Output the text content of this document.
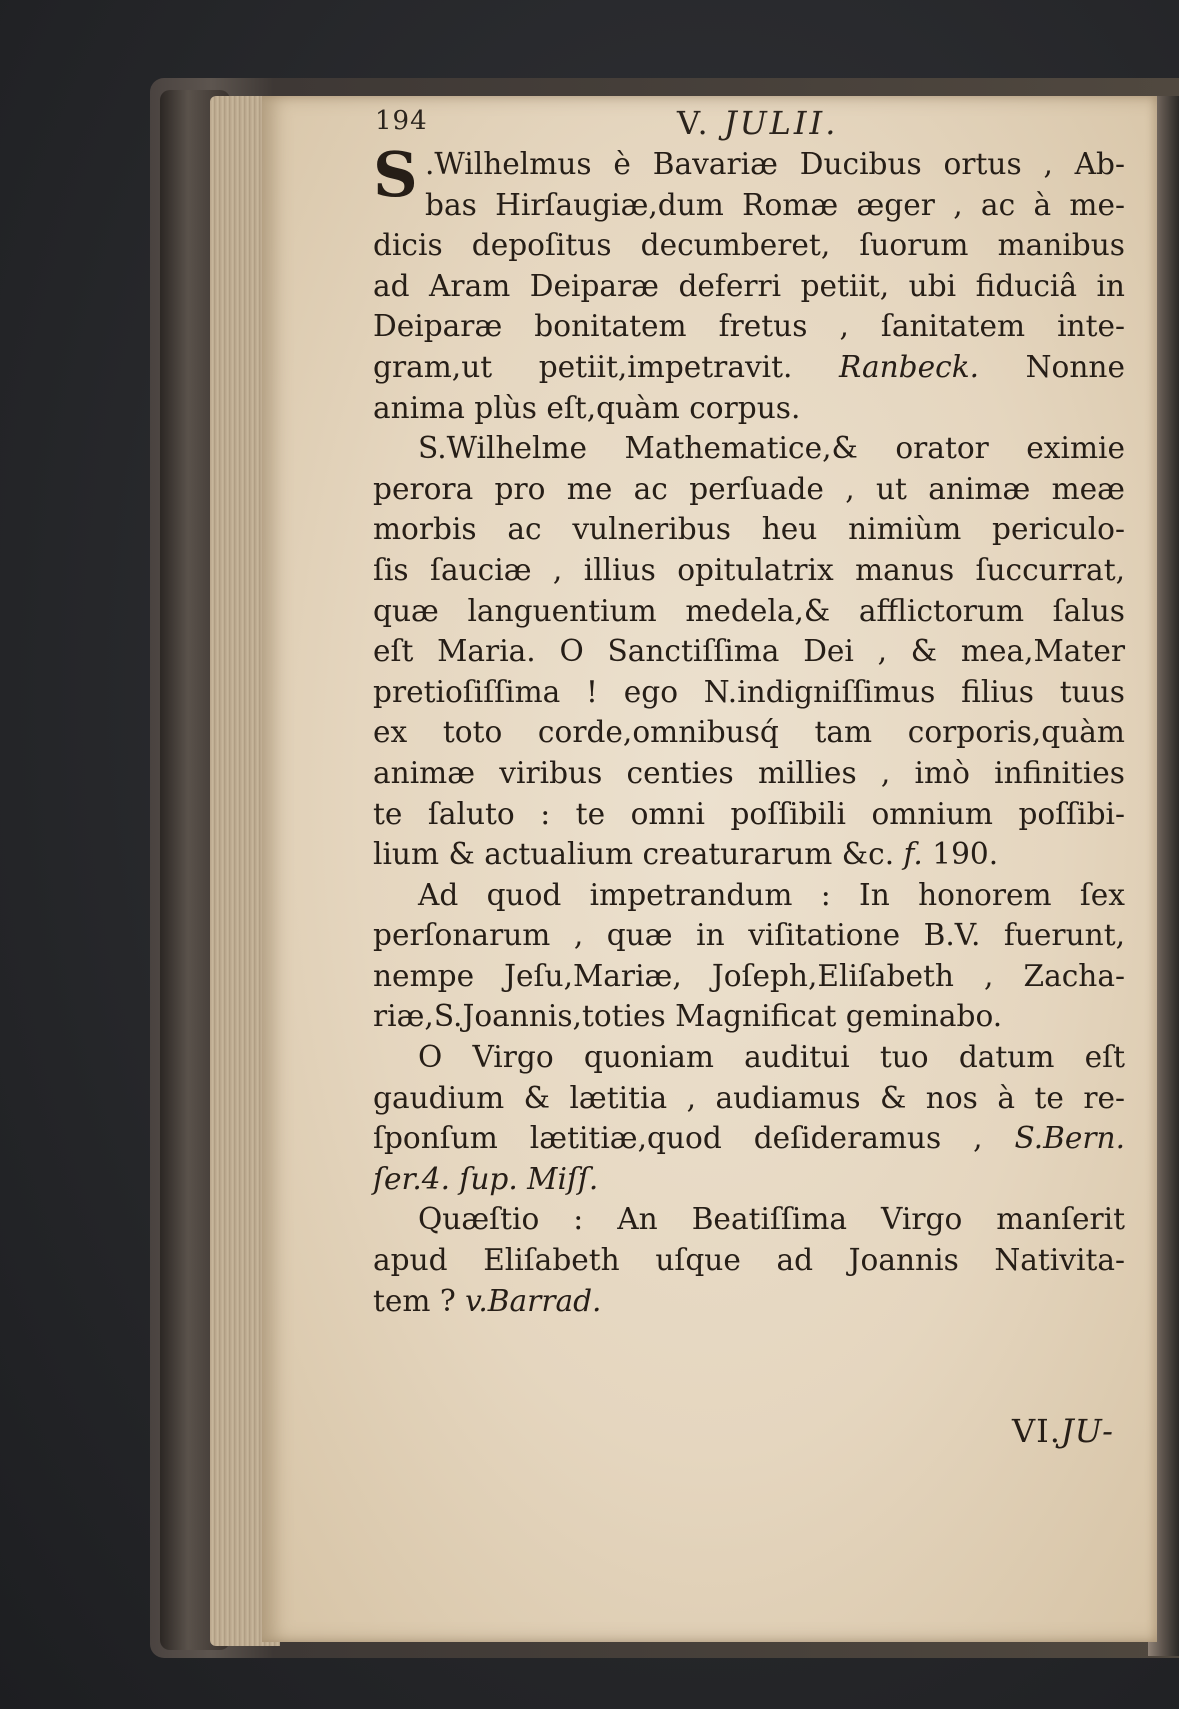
194	V. JULII.
S .Wilhelmus è Bavariæ Ducibus ortus , Ab-
bas Hirſaugiæ,dum Romæ æger , ac à me-
dicis depoſitus decumberet, ſuorum manibus
ad Aram Deiparæ deferri petiit, ubi fiduciâ in
Deiparæ bonitatem fretus , ſanitatem inte-
gram,ut petiit,impetravit. Ranbeck. Nonne
anima plùs eſt,quàm corpus.
S.Wilhelme Mathematice,& orator eximie
perora pro me ac perſuade , ut animæ meæ
morbis ac vulneribus heu nimiùm periculo-
ſis ſauciæ , illius opitulatrix manus ſuccurrat,
quæ languentium medela,& afflictorum ſalus
eſt Maria. O Sanctiſſima Dei , & mea,Mater
pretioſiſſima ! ego N.indigniſſimus filius tuus
ex toto corde,omnibusq́ tam corporis,quàm
animæ viribus centies millies , imò infinities
te ſaluto : te omni poſſibili omnium poſſibi-
lium & actualium creaturarum &c. f. 190.
Ad quod impetrandum : In honorem ſex
perſonarum , quæ in viſitatione B.V. fuerunt,
nempe Jeſu,Mariæ, Joſeph,Eliſabeth , Zacha-
riæ,S.Joannis,toties Magnificat geminabo.
O Virgo quoniam auditui tuo datum eſt
gaudium & lætitia , audiamus & nos à te re-
ſponſum lætitiæ,quod deſideramus , S.Bern.
ſer.4. ſup. Miſſ.
Quæſtio : An Beatiſſima Virgo manſerit
apud Eliſabeth uſque ad Joannis Nativita-
tem ? v.Barrad.
VI.JU-
